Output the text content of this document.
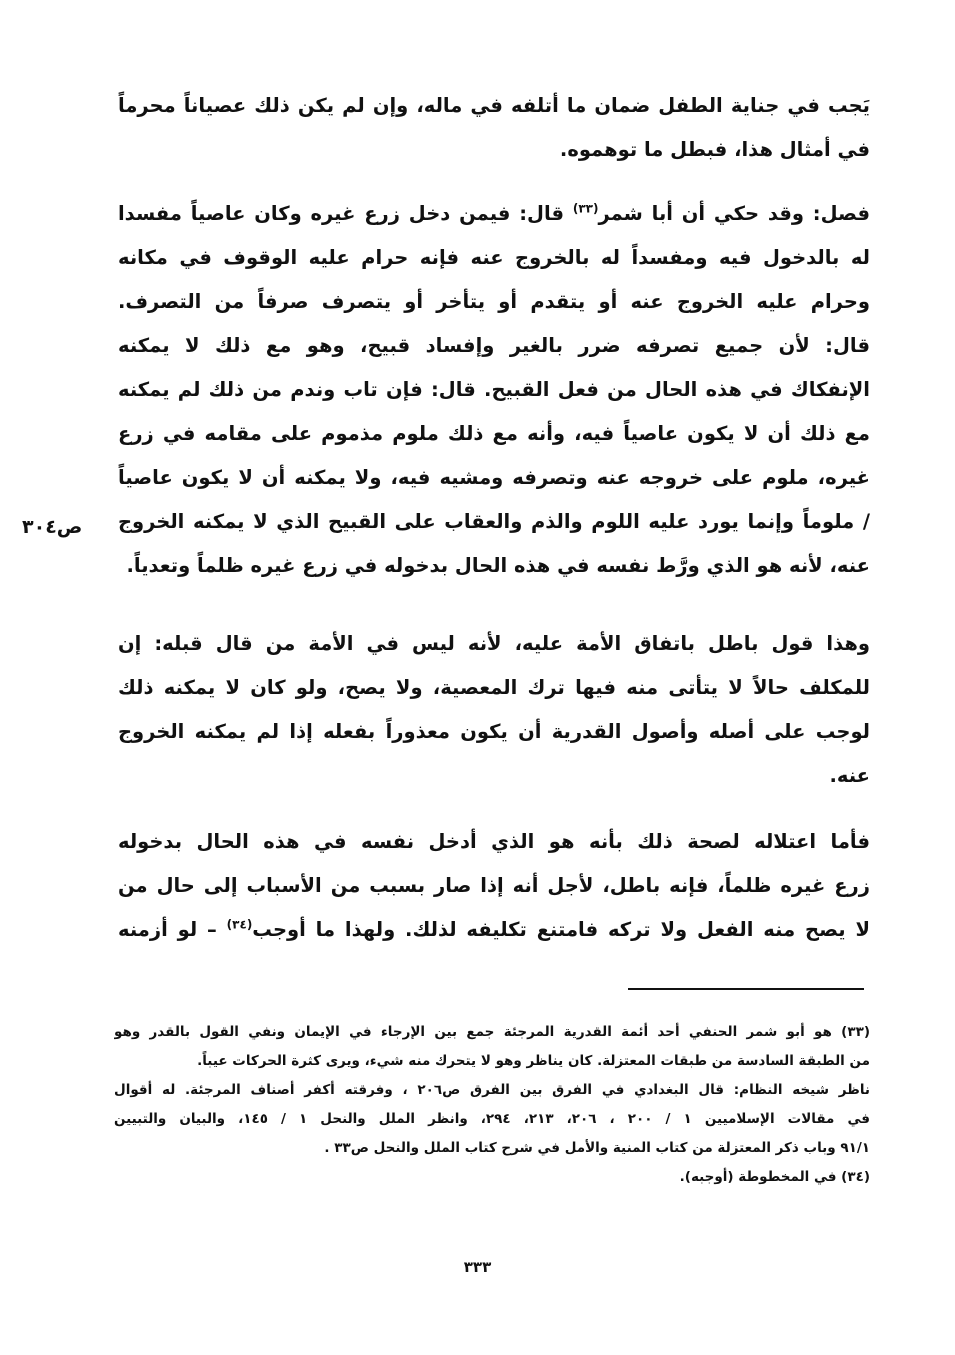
يَجب في جناية الطفل ضمان ما أتلفه في ماله، وإن لم يكن ذلك عصياناً محرماً
في أمثال هذا، فبطل ما توهموه.
فصل: وقد حكي أن أبا شمر$^{(٣٣)}$ قال: فيمن دخل زرع غيره وكان عاصياً مفسدا
له بالدخول فيه ومفسداً له بالخروج عنه فإنه حرام عليه الوقوف في مكانه
وحرام عليه الخروج عنه أو يتقدم أو يتأخر أو يتصرف صرفاً من التصرف.
قال: لأن جميع تصرفه ضرر بالغير وإفساد قبيح، وهو مع ذلك لا يمكنه
الإنفكاك في هذه الحال من فعل القبيح. قال: فإن تاب وندم من ذلك لم يمكنه
مع ذلك أن لا يكون عاصياً فيه، وأنه مع ذلك ملوم مذموم على مقامه في زرع
غيره، ملوم على خروجه عنه وتصرفه ومشيه فيه، ولا يمكنه أن لا يكون عاصياً
/ ملوماً وإنما يورد عليه اللوم والذم والعقاب على القبيح الذي لا يمكنه الخروج
عنه، لأنه هو الذي ورَّط نفسه في هذه الحال بدخوله في زرع غيره ظلماً وتعدياً.
ص٣٠٤
وهذا قول باطل باتفاق الأمة عليه، لأنه ليس في الأمة من قال قبله: إن
للمكلف حالاً لا يتأتى منه فيها ترك المعصية، ولا يصح، ولو كان لا يمكنه ذلك
لوجب على أصله وأصول القدرية أن يكون معذوراً بفعله إذا لم يمكنه الخروج
عنه.
فأما اعتلاله لصحة ذلك بأنه هو الذي أدخل نفسه في هذه الحال بدخوله
زرع غيره ظلماً، فإنه باطل، لأجل أنه إذا صار بسبب من الأسباب إلى حال من
لا يصح منه الفعل ولا تركه فامتنع تكليفه لذلك. ولهذا ما أوجب$^{(٣٤)}$ – لو أزمنه
(٣٣) هو أبو شمر الحنفي أحد أئمة القدرية المرجئة جمع بين الإرجاء في الإيمان ونفي القول بالقدر وهو
من الطبقة السادسة من طبقات المعتزلة. كان يناظر وهو لا يتحرك منه شيء، ويرى كثرة الحركات عيباً.
ناظر شيخه النظام: قال البغدادي في الفرق بين الفرق ص٢٠٦ ، وفرقته أكفر أصناف المرجئة. له أقوال
في مقالات الإسلاميين ١ / ٢٠٠ ، ٢٠٦، ٢١٣، ٢٩٤، وانظر الملل والنحل ١ / ١٤٥، والبيان والتبيين
٩١/١ وباب ذكر المعتزلة من كتاب المنية والأمل في شرح كتاب الملل والنحل ص٣٣ .
(٣٤) في المخطوطة (أوجبه).
٣٣٣
